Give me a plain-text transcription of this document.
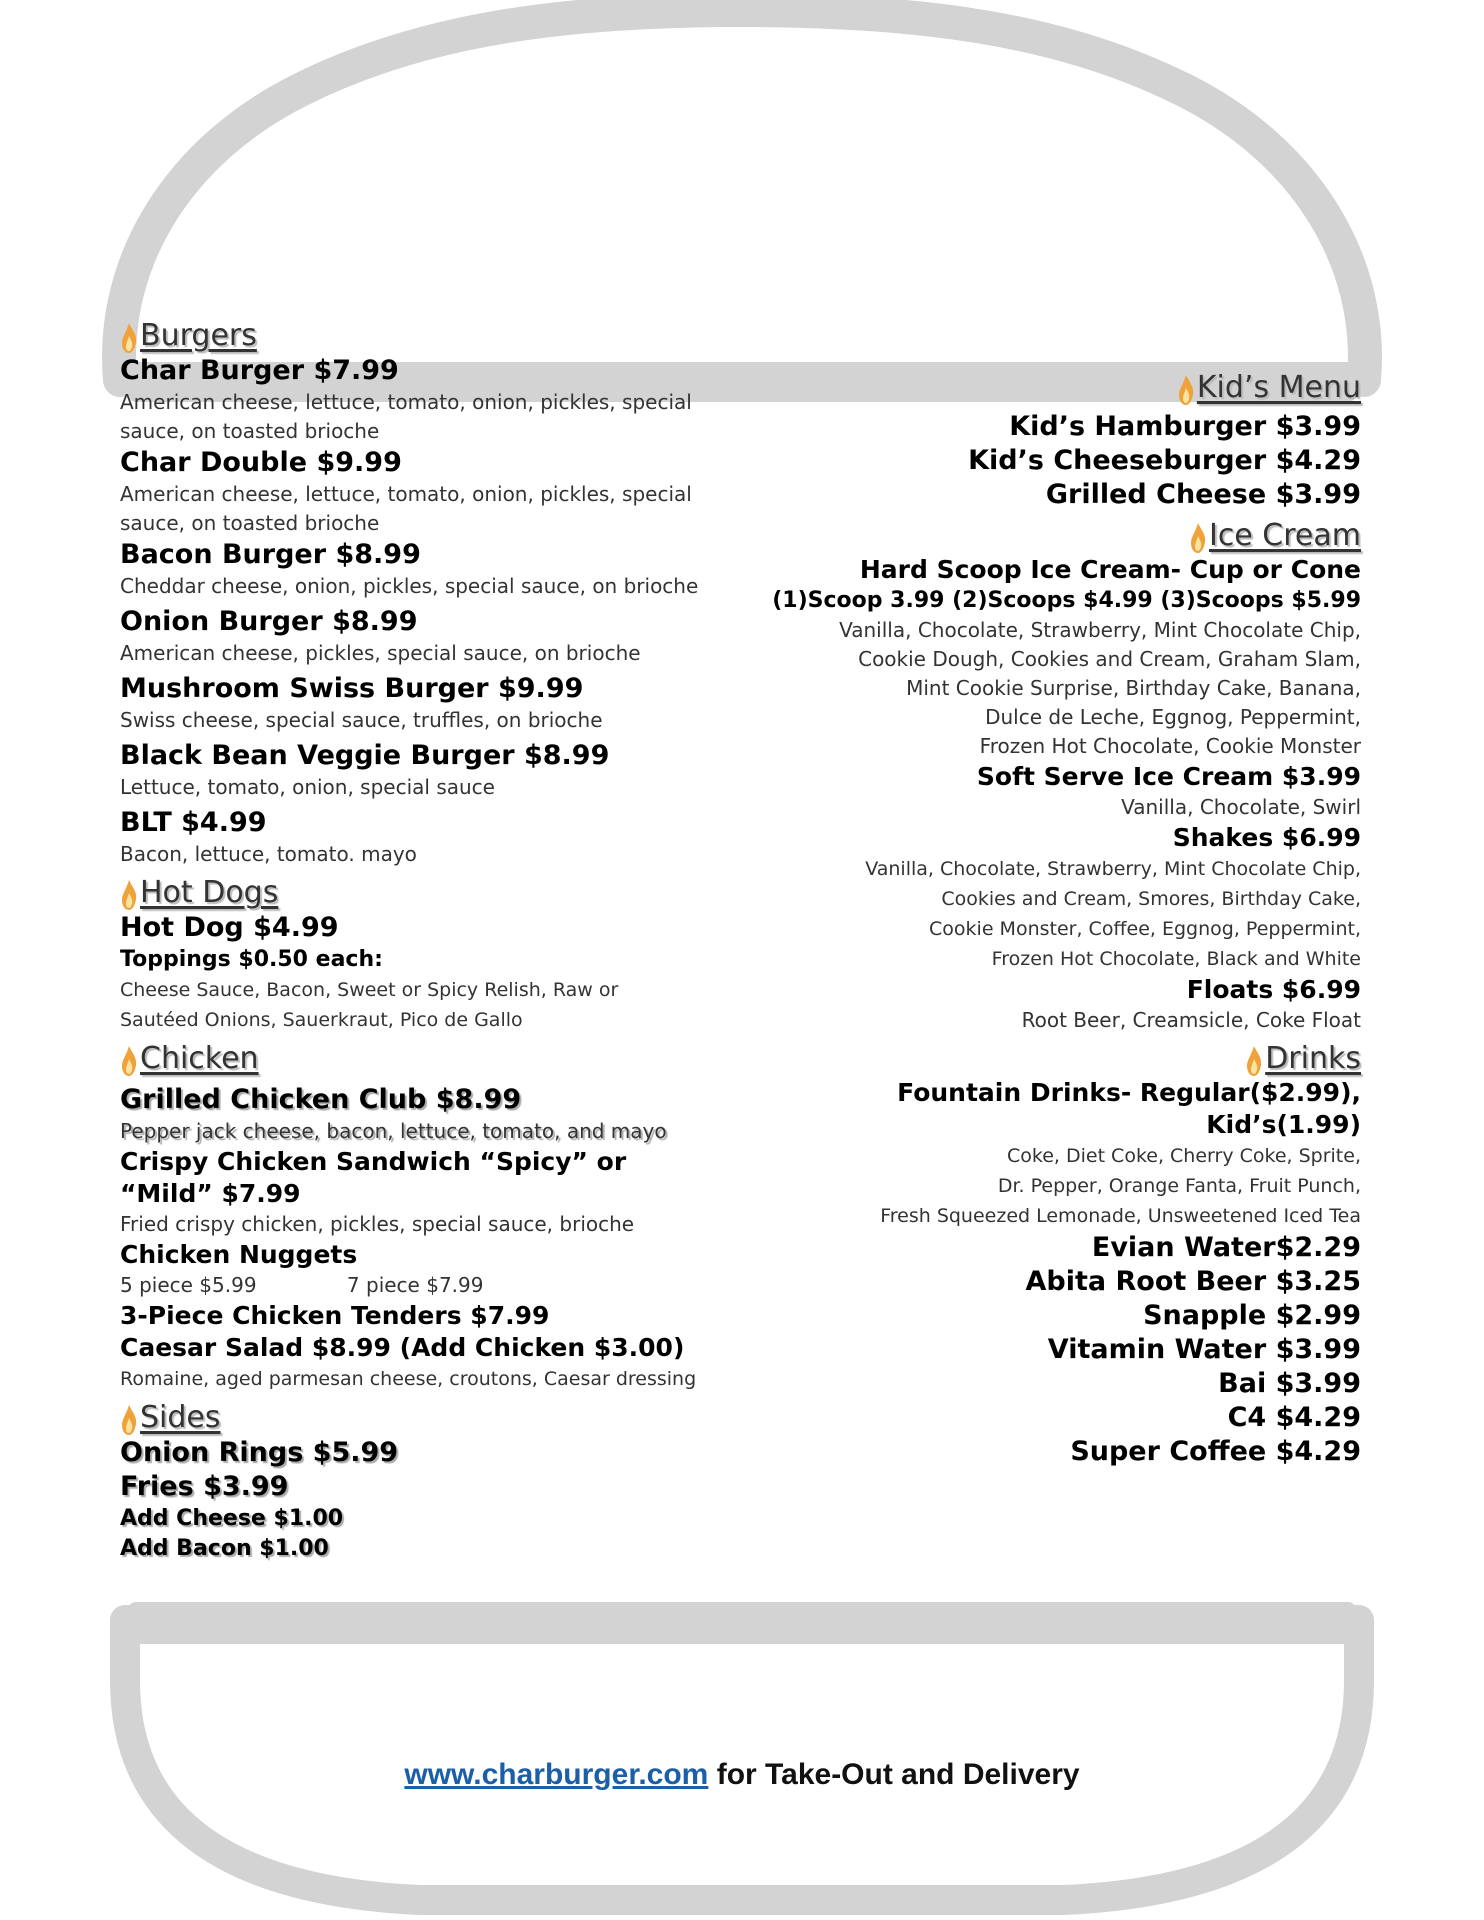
Burgers
Char Burger $7.99
American cheese, lettuce, tomato, onion, pickles, special
sauce, on toasted brioche
Char Double $9.99
American cheese, lettuce, tomato, onion, pickles, special
sauce, on toasted brioche
Bacon Burger $8.99
Cheddar cheese, onion, pickles, special sauce, on brioche
Onion Burger $8.99
American cheese, pickles, special sauce, on brioche
Mushroom Swiss Burger $9.99
Swiss cheese, special sauce, truffles, on brioche
Black Bean Veggie Burger $8.99
Lettuce, tomato, onion, special sauce
BLT $4.99
Bacon, lettuce, tomato. mayo
Hot Dogs
Hot Dog $4.99
Toppings $0.50 each:
Cheese Sauce, Bacon, Sweet or Spicy Relish, Raw or
Sautéed Onions, Sauerkraut, Pico de Gallo
Chicken
Grilled Chicken Club $8.99
Pepper jack cheese, bacon, lettuce, tomato, and mayo
Crispy Chicken Sandwich “Spicy” or “Mild” $7.99
Fried crispy chicken, pickles, special sauce, brioche
Chicken Nuggets
5 piece $5.99	7 piece $7.99
3-Piece Chicken Tenders $7.99
Caesar Salad $8.99 (Add Chicken $3.00)
Romaine, aged parmesan cheese, croutons, Caesar dressing
Sides
Onion Rings $5.99
Fries $3.99
Add Cheese $1.00
Add Bacon $1.00
Kid’s Menu
Kid’s Hamburger $3.99
Kid’s Cheeseburger $4.29
Grilled Cheese $3.99
Ice Cream
Hard Scoop Ice Cream- Cup or Cone
(1)Scoop 3.99 (2)Scoops $4.99 (3)Scoops $5.99
Vanilla, Chocolate, Strawberry, Mint Chocolate Chip,
Cookie Dough, Cookies and Cream, Graham Slam,
Mint Cookie Surprise, Birthday Cake, Banana,
Dulce de Leche, Eggnog, Peppermint,
Frozen Hot Chocolate, Cookie Monster
Soft Serve Ice Cream $3.99
Vanilla, Chocolate, Swirl
Shakes $6.99
Vanilla, Chocolate, Strawberry, Mint Chocolate Chip,
Cookies and Cream, Smores, Birthday Cake,
Cookie Monster, Coffee, Eggnog, Peppermint,
Frozen Hot Chocolate, Black and White
Floats $6.99
Root Beer, Creamsicle, Coke Float
Drinks
Fountain Drinks- Regular($2.99), Kid’s(1.99)
Coke, Diet Coke, Cherry Coke, Sprite,
Dr. Pepper, Orange Fanta, Fruit Punch,
Fresh Squeezed Lemonade, Unsweetened Iced Tea
Evian Water$2.29
Abita Root Beer $3.25
Snapple $2.99
Vitamin Water $3.99
Bai $3.99
C4 $4.29
Super Coffee $4.29
www.charburger.com for Take-Out and Delivery
